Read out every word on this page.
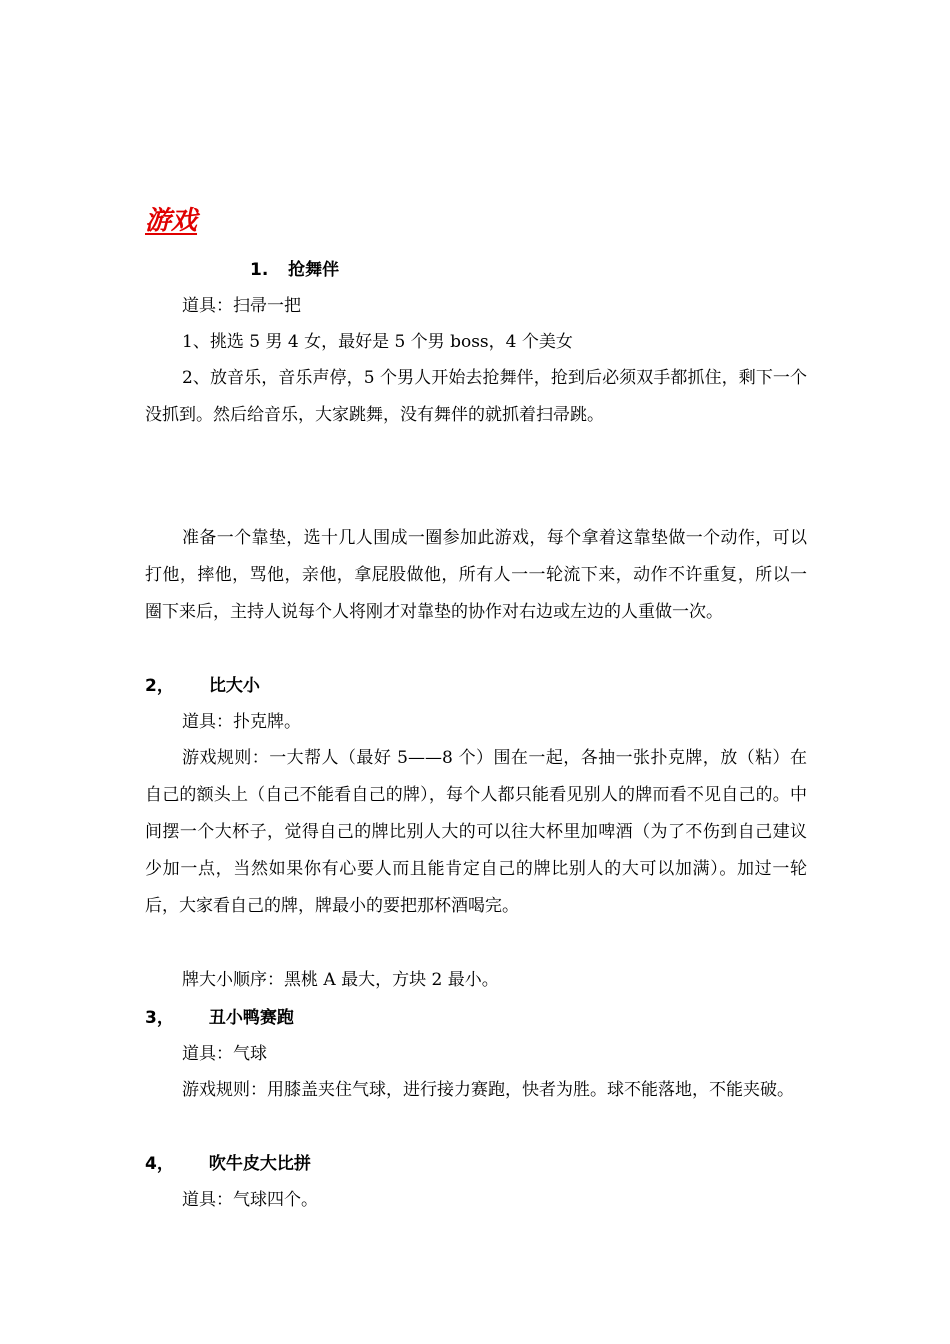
游戏
1. 抢舞伴

道具：扫帚一把

1、挑选 5 男 4 女，最好是 5 个男 boss，4 个美女

2、放音乐，音乐声停，5 个男人开始去抢舞伴，抢到后必须双手都抓住，剩下一个没抓到。然后给音乐，大家跳舞，没有舞伴的就抓着扫帚跳。

准备一个靠垫，选十几人围成一圈参加此游戏，每个拿着这靠垫做一个动作，可以打他，摔他，骂他，亲他，拿屁股做他，所有人一一轮流下来，动作不许重复，所以一圈下来后，主持人说每个人将刚才对靠垫的协作对右边或左边的人重做一次。

2， 比大小

道具：扑克牌。

游戏规则：一大帮人（最好 5——8 个）围在一起，各抽一张扑克牌，放（粘）在自己的额头上（自己不能看自己的牌），每个人都只能看见别人的牌而看不见自己的。中间摆一个大杯子，觉得自己的牌比别人大的可以往大杯里加啤酒（为了不伤到自己建议少加一点，当然如果你有心要人而且能肯定自己的牌比别人的大可以加满）。加过一轮后，大家看自己的牌，牌最小的要把那杯酒喝完。

牌大小顺序：黑桃 A 最大，方块 2 最小。

3， 丑小鸭赛跑

道具：气球

游戏规则：用膝盖夹住气球，进行接力赛跑，快者为胜。球不能落地，不能夹破。

4， 吹牛皮大比拼

道具：气球四个。
